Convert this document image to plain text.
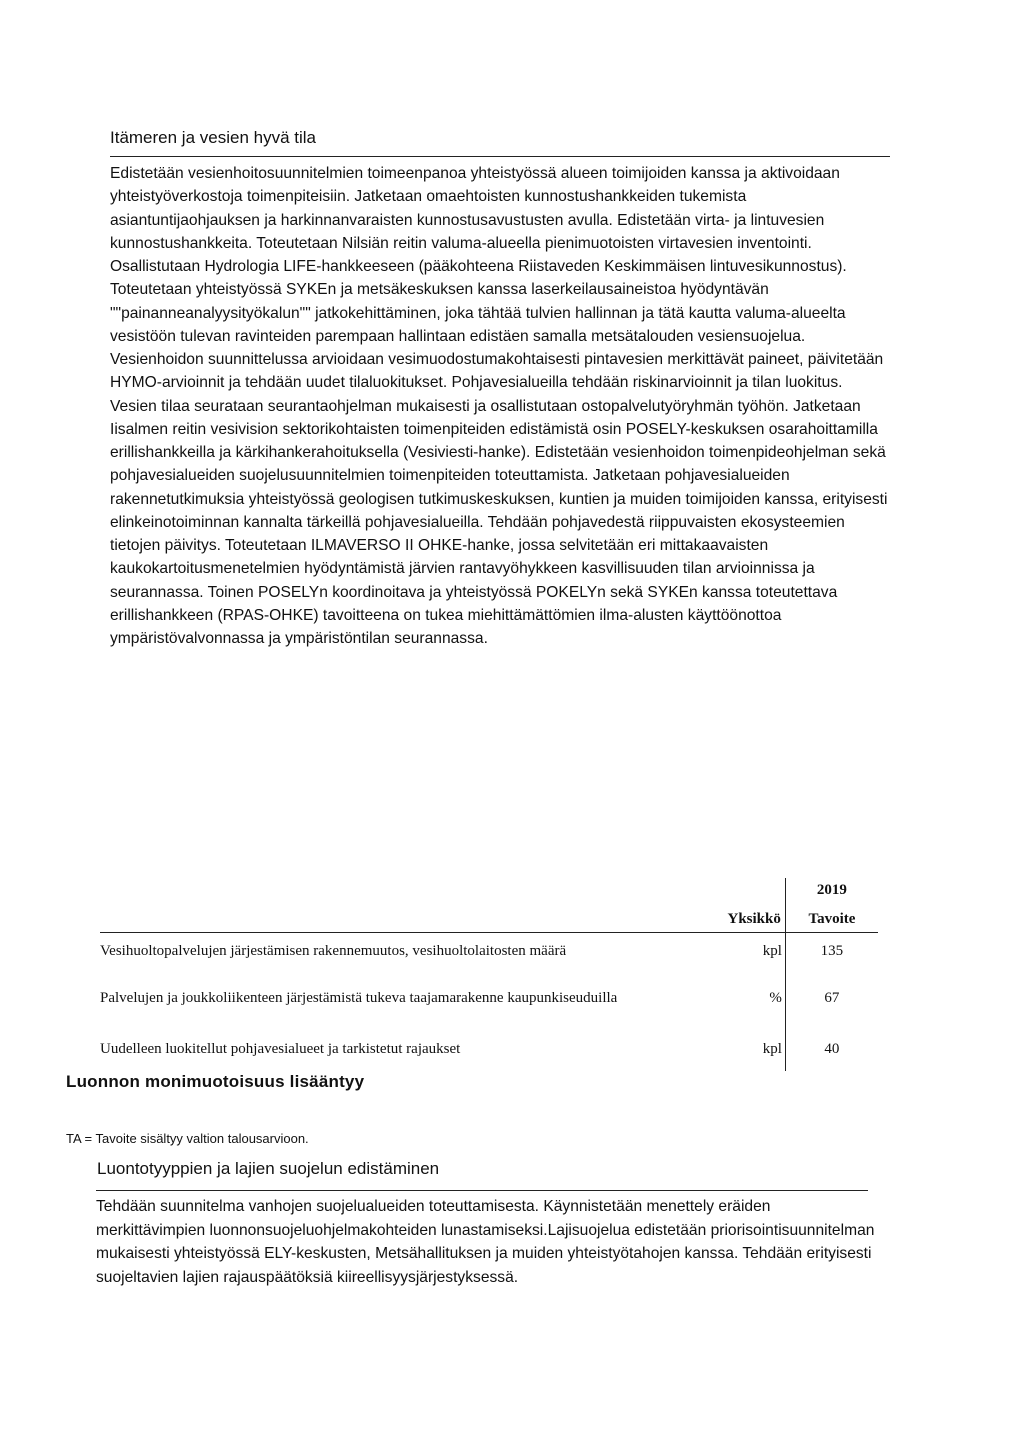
Itämeren ja vesien hyvä tila

Edistetään vesienhoitosuunnitelmien toimeenpanoa yhteistyössä alueen toimijoiden kanssa ja aktivoidaan yhteistyöverkostoja toimenpiteisiin. Jatketaan omaehtoisten kunnostushankkeiden tukemista asiantuntijaohjauksen ja harkinnanvaraisten kunnostusavustusten avulla. Edistetään virta- ja lintuvesien kunnostushankkeita. Toteutetaan Nilsiän reitin valuma-alueella pienimuotoisten virtavesien inventointi. Osallistutaan Hydrologia LIFE-hankkeeseen (pääkohteena Riistaveden Keskimmäisen lintuvesikunnostus). Toteutetaan yhteistyössä SYKEn ja metsäkeskuksen kanssa laserkeilausaineistoa hyödyntävän ""painanneanalyysityökalun"" jatkokehittäminen, joka tähtää tulvien hallinnan ja tätä kautta valuma-alueelta vesistöön tulevan ravinteiden parempaan hallintaan edistäen samalla metsätalouden vesiensuojelua. Vesienhoidon suunnittelussa arvioidaan vesimuodostumakohtaisesti pintavesien merkittävät paineet, päivitetään HYMO-arvioinnit ja tehdään uudet tilaluokitukset. Pohjavesialueilla tehdään riskinarvioinnit ja tilan luokitus. Vesien tilaa seurataan seurantaohjelman mukaisesti ja osallistutaan ostopalvelutyöryhmän työhön. Jatketaan Iisalmen reitin vesivision sektorikohtaisten toimenpiteiden edistämistä osin POSELY-keskuksen osarahoittamilla erillishankkeilla ja kärkihankerahoituksella (Vesiviesti-hanke). Edistetään vesienhoidon toimenpideohjelman sekä pohjavesialueiden suojelusuunnitelmien toimenpiteiden toteuttamista. Jatketaan pohjavesialueiden rakennetutkimuksia yhteistyössä geologisen tutkimuskeskuksen, kuntien ja muiden toimijoiden kanssa, erityisesti elinkeinotoiminnan kannalta tärkeillä pohjavesialueilla. Tehdään pohjavedestä riippuvaisten ekosysteemien tietojen päivitys. Toteutetaan ILMAVERSO II OHKE-hanke, jossa selvitetään eri mittakaavaisten kaukokartoitusmenetelmien hyödyntämistä järvien rantavyöhykkeen kasvillisuuden tilan arvioinnissa ja seurannassa. Toinen POSELYn koordinoitava ja yhteistyössä POKELYn sekä SYKEn kanssa toteutettava erillishankkeen (RPAS-OHKE) tavoitteena on tukea miehittämättömien ilma-alusten käyttöönottoa ympäristövalvonnassa ja ympäristöntilan seurannassa.

		2019
	Yksikkö	Tavoite
Vesihuoltopalvelujen järjestämisen rakennemuutos, vesihuoltolaitosten määrä	kpl	135
Palvelujen ja joukkoliikenteen järjestämistä tukeva taajamarakenne kaupunkiseuduilla	%	67
Uudelleen luokitellut pohjavesialueet ja tarkistetut rajaukset	kpl	40
Luonnon monimuotoisuus lisääntyy

TA = Tavoite sisältyy valtion talousarvioon.

Luontotyyppien ja lajien suojelun edistäminen

Tehdään suunnitelma vanhojen suojelualueiden toteuttamisesta. Käynnistetään menettely eräiden merkittävimpien luonnonsuojeluohjelmakohteiden lunastamiseksi.Lajisuojelua edistetään priorisointisuunnitelman mukaisesti yhteistyössä ELY-keskusten, Metsähallituksen ja muiden yhteistyötahojen kanssa. Tehdään erityisesti suojeltavien lajien rajauspäätöksiä kiireellisyysjärjestyksessä.
